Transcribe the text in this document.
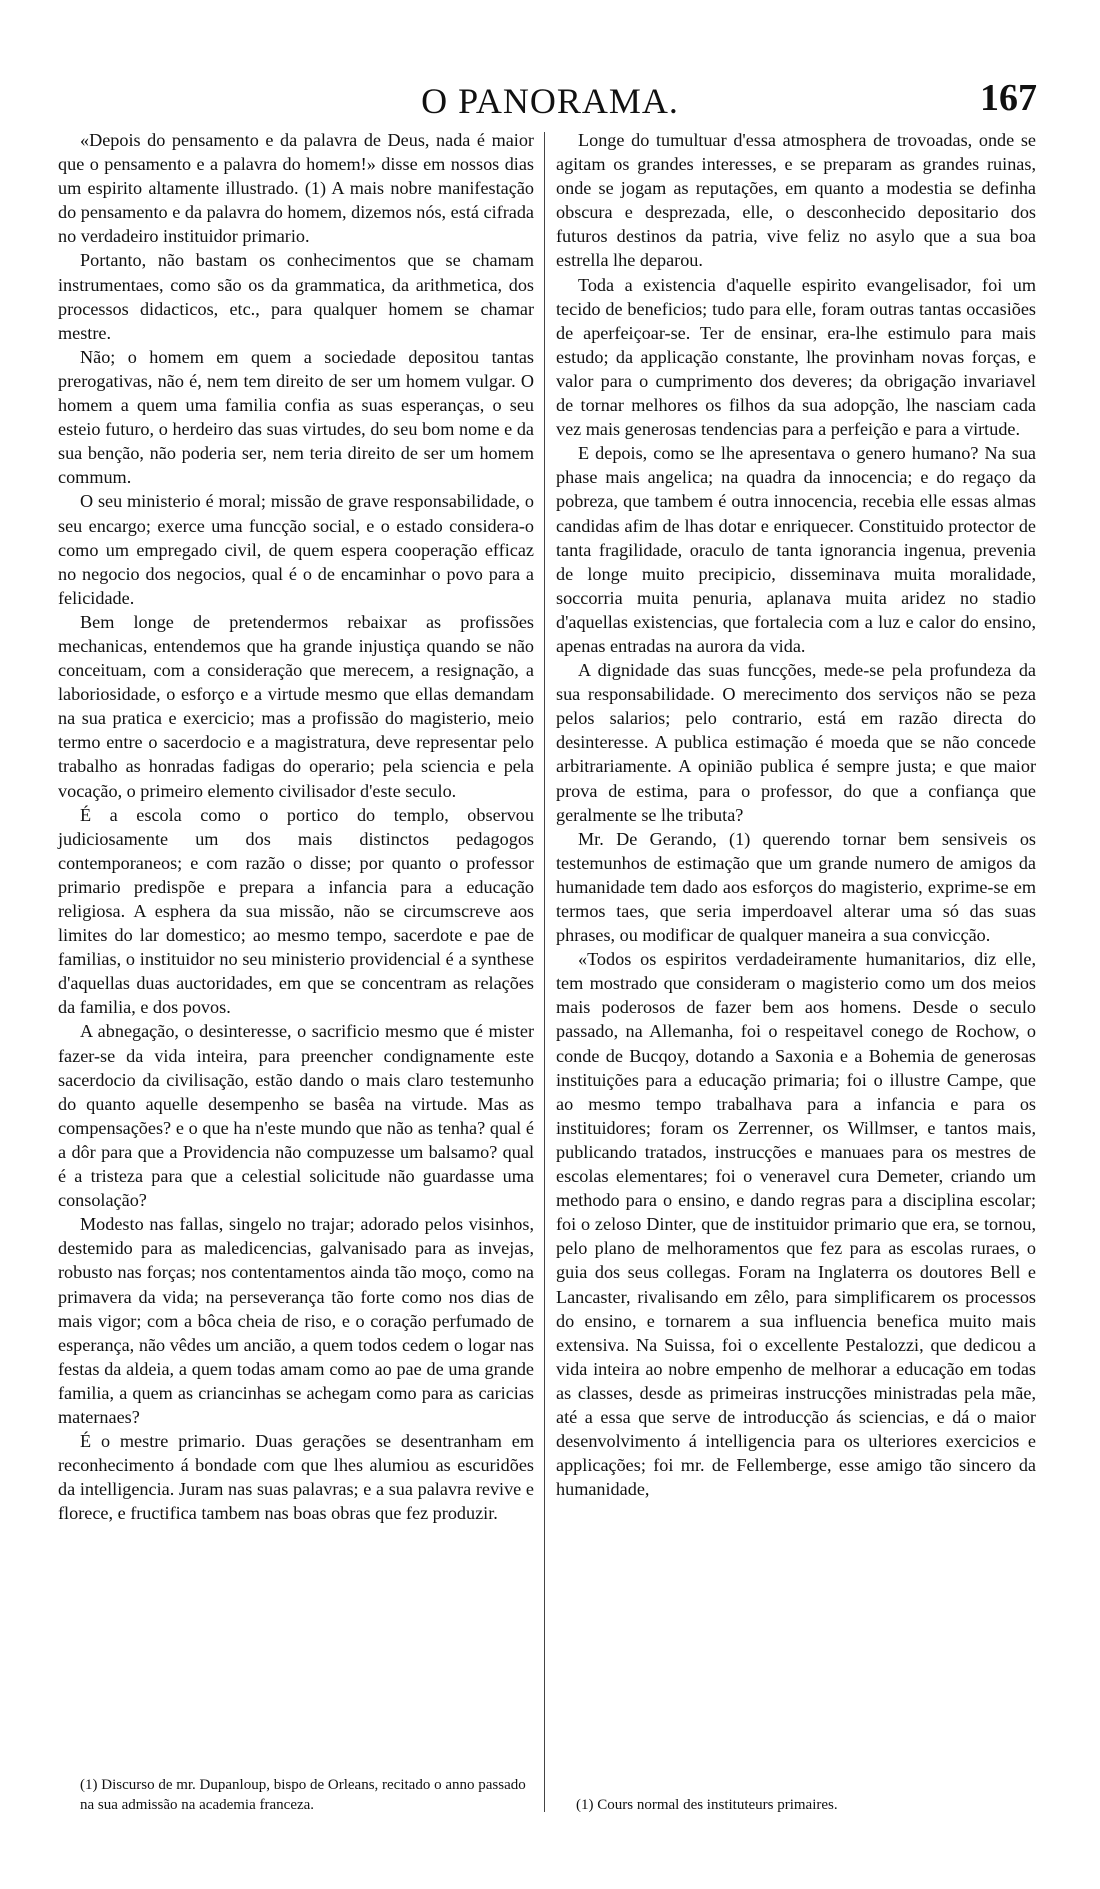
O PANORAMA.	167

«Depois do pensamento e da palavra de Deus, nada é maior que o pensamento e a palavra do homem!» disse em nossos dias um espirito altamente illustrado. (1) A mais nobre manifestação do pensamento e da palavra do homem, dizemos nós, está cifrada no verdadeiro instituidor primario.

Portanto, não bastam os conhecimentos que se chamam instrumentaes, como são os da grammatica, da arithmetica, dos processos didacticos, etc., para qualquer homem se chamar mestre.

Não; o homem em quem a sociedade depositou tantas prerogativas, não é, nem tem direito de ser um homem vulgar. O homem a quem uma familia confia as suas esperanças, o seu esteio futuro, o herdeiro das suas virtudes, do seu bom nome e da sua benção, não poderia ser, nem teria direito de ser um homem commum.

O seu ministerio é moral; missão de grave responsabilidade, o seu encargo; exerce uma funcção social, e o estado considera-o como um empregado civil, de quem espera cooperação efficaz no negocio dos negocios, qual é o de encaminhar o povo para a felicidade.

Bem longe de pretendermos rebaixar as profissões mechanicas, entendemos que ha grande injustiça quando se não conceituam, com a consideração que merecem, a resignação, a laboriosidade, o esforço e a virtude mesmo que ellas demandam na sua pratica e exercicio; mas a profissão do magisterio, meio termo entre o sacerdocio e a magistratura, deve representar pelo trabalho as honradas fadigas do operario; pela sciencia e pela vocação, o primeiro elemento civilisador d'este seculo.

É a escola como o portico do templo, observou judiciosamente um dos mais distinctos pedagogos contemporaneos; e com razão o disse; por quanto o professor primario predispõe e prepara a infancia para a educação religiosa. A esphera da sua missão, não se circumscreve aos limites do lar domestico; ao mesmo tempo, sacerdote e pae de familias, o instituidor no seu ministerio providencial é a synthese d'aquellas duas auctoridades, em que se concentram as relações da familia, e dos povos.

A abnegação, o desinteresse, o sacrificio mesmo que é mister fazer-se da vida inteira, para preencher condignamente este sacerdocio da civilisação, estão dando o mais claro testemunho do quanto aquelle desempenho se basêa na virtude. Mas as compensações? e o que ha n'este mundo que não as tenha? qual é a dôr para que a Providencia não compuzesse um balsamo? qual é a tristeza para que a celestial solicitude não guardasse uma consolação?

Modesto nas fallas, singelo no trajar; adorado pelos visinhos, destemido para as maledicencias, galvanisado para as invejas, robusto nas forças; nos contentamentos ainda tão moço, como na primavera da vida; na perseverança tão forte como nos dias de mais vigor; com a bôca cheia de riso, e o coração perfumado de esperança, não vêdes um ancião, a quem todos cedem o logar nas festas da aldeia, a quem todas amam como ao pae de uma grande familia, a quem as criancinhas se achegam como para as caricias maternaes?

É o mestre primario. Duas gerações se desentranham em reconhecimento á bondade com que lhes alumiou as escuridões da intelligencia. Juram nas suas palavras; e a sua palavra revive e florece, e fructifica tambem nas boas obras que fez produzir.

Longe do tumultuar d'essa atmosphera de trovoadas, onde se agitam os grandes interesses, e se preparam as grandes ruinas, onde se jogam as reputações, em quanto a modestia se definha obscura e desprezada, elle, o desconhecido depositario dos futuros destinos da patria, vive feliz no asylo que a sua boa estrella lhe deparou.

Toda a existencia d'aquelle espirito evangelisador, foi um tecido de beneficios; tudo para elle, foram outras tantas occasiões de aperfeiçoar-se. Ter de ensinar, era-lhe estimulo para mais estudo; da applicação constante, lhe provinham novas forças, e valor para o cumprimento dos deveres; da obrigação invariavel de tornar melhores os filhos da sua adopção, lhe nasciam cada vez mais generosas tendencias para a perfeição e para a virtude.

E depois, como se lhe apresentava o genero humano? Na sua phase mais angelica; na quadra da innocencia; e do regaço da pobreza, que tambem é outra innocencia, recebia elle essas almas candidas afim de lhas dotar e enriquecer. Constituido protector de tanta fragilidade, oraculo de tanta ignorancia ingenua, prevenia de longe muito precipicio, disseminava muita moralidade, soccorria muita penuria, aplanava muita aridez no stadio d'aquellas existencias, que fortalecia com a luz e calor do ensino, apenas entradas na aurora da vida.

A dignidade das suas funcções, mede-se pela profundeza da sua responsabilidade. O merecimento dos serviços não se peza pelos salarios; pelo contrario, está em razão directa do desinteresse. A publica estimação é moeda que se não concede arbitrariamente. A opinião publica é sempre justa; e que maior prova de estima, para o professor, do que a confiança que geralmente se lhe tributa?

Mr. De Gerando, (1) querendo tornar bem sensiveis os testemunhos de estimação que um grande numero de amigos da humanidade tem dado aos esforços do magisterio, exprime-se em termos taes, que seria imperdoavel alterar uma só das suas phrases, ou modificar de qualquer maneira a sua convicção.

«Todos os espiritos verdadeiramente humanitarios, diz elle, tem mostrado que consideram o magisterio como um dos meios mais poderosos de fazer bem aos homens. Desde o seculo passado, na Allemanha, foi o respeitavel conego de Rochow, o conde de Bucqoy, dotando a Saxonia e a Bohemia de generosas instituições para a educação primaria; foi o illustre Campe, que ao mesmo tempo trabalhava para a infancia e para os instituidores; foram os Zerrenner, os Willmser, e tantos mais, publicando tratados, instrucções e manuaes para os mestres de escolas elementares; foi o veneravel cura Demeter, criando um methodo para o ensino, e dando regras para a disciplina escolar; foi o zeloso Dinter, que de instituidor primario que era, se tornou, pelo plano de melhoramentos que fez para as escolas ruraes, o guia dos seus collegas. Foram na Inglaterra os doutores Bell e Lancaster, rivalisando em zêlo, para simplificarem os processos do ensino, e tornarem a sua influencia benefica muito mais extensiva. Na Suissa, foi o excellente Pestalozzi, que dedicou a vida inteira ao nobre empenho de melhorar a educação em todas as classes, desde as primeiras instrucções ministradas pela mãe, até a essa que serve de introducção ás sciencias, e dá o maior desenvolvimento á intelligencia para os ulteriores exercicios e applicações; foi mr. de Fellemberge, esse amigo tão sincero da humanidade,

(1) Discurso de mr. Dupanloup, bispo de Orleans, recitado o anno passado na sua admissão na academia franceza.	(1) Cours normal des instituteurs primaires.
